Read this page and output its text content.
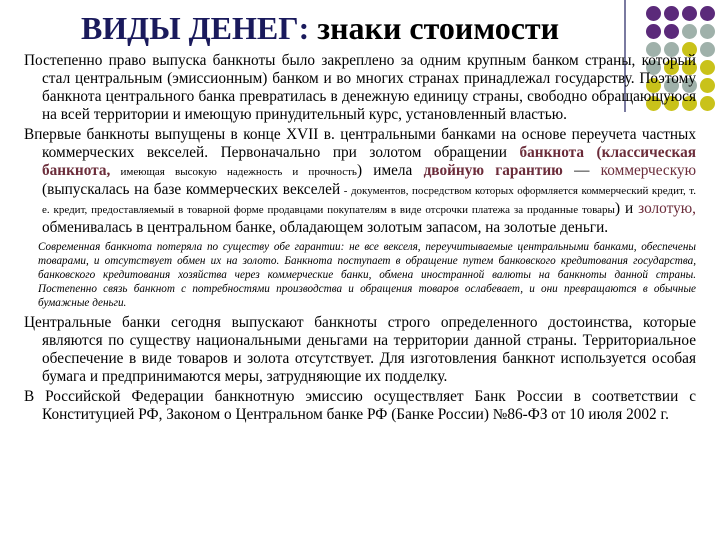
ВИДЫ ДЕНЕГ: знаки стоимости

Постепенно право выпуска банкноты было закреплено за одним крупным банком страны, который стал центральным (эмиссионным) банком и во многих странах принадлежал государству. Поэтому банкнота центрального банка превратилась в денежную единицу страны, свободно обращающуюся на всей территории и имеющую принудительный курс, установленный властью.

Впервые банкноты выпущены в конце XVII в. центральными банками на основе переучета частных коммерческих векселей. Первоначально при золотом обращении банкнота (классическая банкнота, имеющая высокую надежность и прочность) имела двойную гарантию — коммерческую (выпускалась на базе коммерческих векселей - документов, посредством которых оформляется коммерческий кредит, т. е. кредит, предоставляемый в товарной форме продавцами покупателям в виде отсрочки платежа за проданные товары) и золотую, обменивалась в центральном банке, обладающем золотым запасом, на золотые деньги.

Современная банкнота потеряла по существу обе гарантии: не все векселя, переучитываемые центральными банками, обеспечены товарами, и отсутствует обмен их на золото. Банкнота поступает в обращение путем банковского кредитования государства, банковского кредитования хозяйства через коммерческие банки, обмена иностранной валюты на банкноты данной страны. Постепенно связь банкнот с потребностями производства и обращения товаров ослабевает, и они превращаются в обычные бумажные деньги.

Центральные банки сегодня выпускают банкноты строго определенного достоинства, которые являются по существу национальными деньгами на территории данной страны. Территориальное обеспечение в виде товаров и золота отсутствует. Для изготовления банкнот используется особая бумага и предпринимаются меры, затрудняющие их подделку.

В Российской Федерации банкнотную эмиссию осуществляет Банк России в соответствии с Конституцией РФ, Законом о Центральном банке РФ (Банке России) №86-ФЗ от 10 июля 2002 г.
